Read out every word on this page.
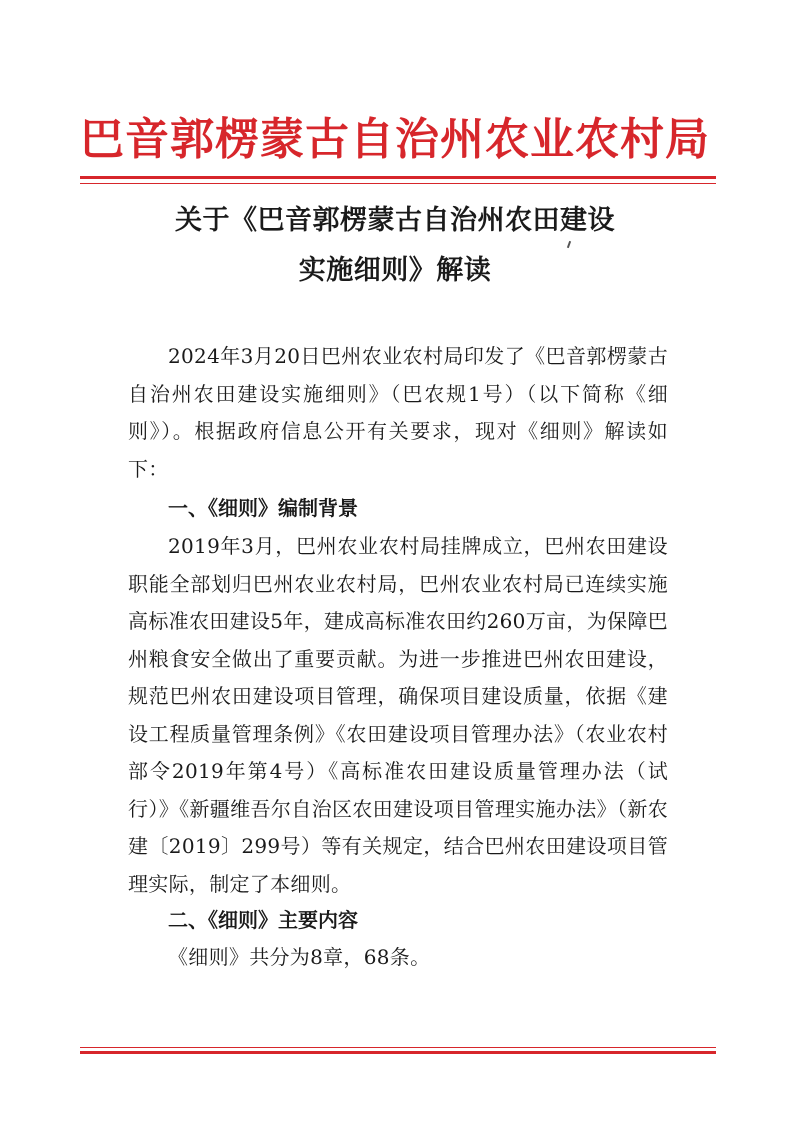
巴音郭楞蒙古自治州农业农村局
关于《巴音郭楞蒙古自治州农田建设
实施细则》解读

2024年3月20日巴州农业农村局印发了《巴音郭楞蒙古自治州农田建设实施细则》（巴农规1号）（以下简称《细则》）。根据政府信息公开有关要求，现对《细则》解读如下：

一、《细则》编制背景

2019年3月，巴州农业农村局挂牌成立，巴州农田建设职能全部划归巴州农业农村局，巴州农业农村局已连续实施高标准农田建设5年，建成高标准农田约260万亩，为保障巴州粮食安全做出了重要贡献。为进一步推进巴州农田建设，规范巴州农田建设项目管理，确保项目建设质量，依据《建设工程质量管理条例》《农田建设项目管理办法》（农业农村部令2019年第4号）《高标准农田建设质量管理办法（试行）》《新疆维吾尔自治区农田建设项目管理实施办法》（新农建〔2019〕299号）等有关规定，结合巴州农田建设项目管理实际，制定了本细则。

二、《细则》主要内容

《细则》共分为8章，68条。
